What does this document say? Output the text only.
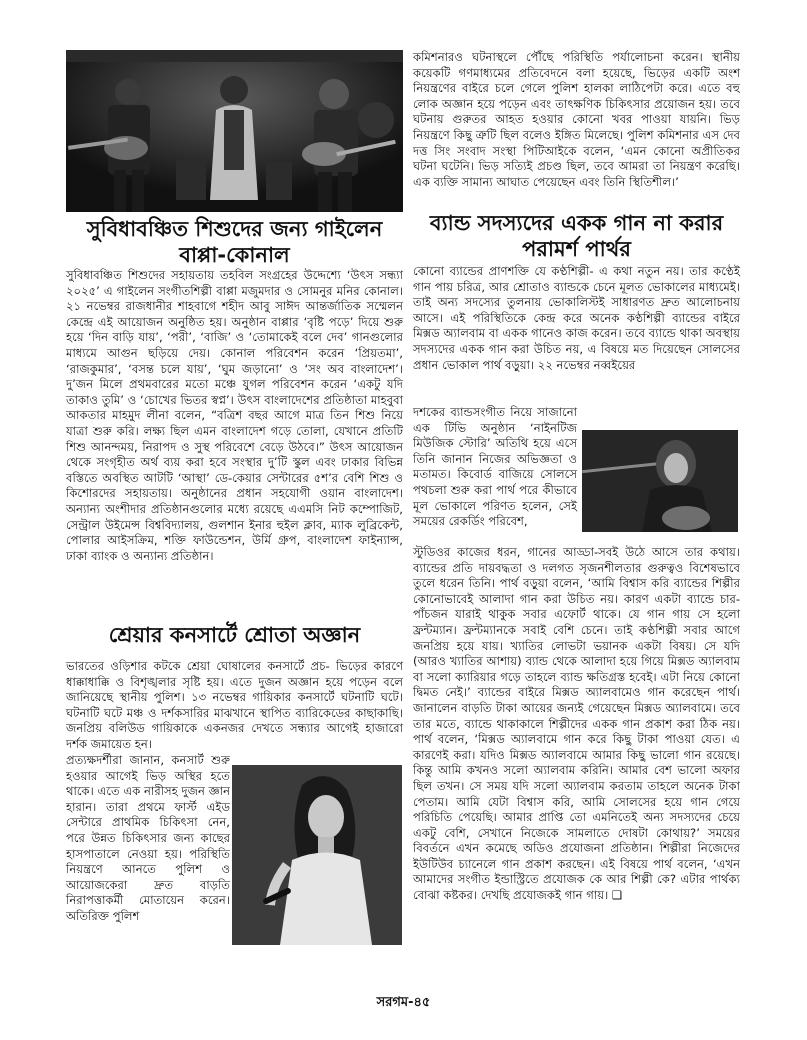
সুবিধাবঞ্চিত শিশুদের জন্য গাইলেন বাপ্পা-কোনাল

সুবিধাবঞ্চিত শিশুদের সহায়তায় তহবিল সংগ্রহের উদ্দেশ্যে ‘উৎস সন্ধ্যা ২০২৫’ এ গাইলেন সংগীতশিল্পী বাপ্পা মজুমদার ও সোমনুর মনির কোনাল। ২১ নভেম্বর রাজধানীর শাহবাগে শহীদ আবু সাঈদ আন্তর্জাতিক সম্মেলন কেন্দ্রে এই আয়োজন অনুষ্ঠিত হয়। অনুষ্ঠান বাপ্পার ‘বৃষ্টি পড়ে’ দিয়ে শুরু হয়ে ‘দিন বাড়ি যায়’, ‘পরী’, ‘বাজি’ ও ‘তোমাকেই বলে দেব’ গানগুলোর মাধ্যমে আগুন ছড়িয়ে দেয়। কোনাল পরিবেশন করেন ‘প্রিয়তমা’, ‘রাজকুমার’, ‘বসন্ত চলে যায়’, ‘ঘুম জড়ানো’ ও ‘সং অব বাংলাদেশ’। দু’জন মিলে প্রথমবারের মতো মঞ্চে যুগল পরিবেশন করেন ‘একটু যদি তাকাও তুমি’ ও ‘চোখের ভিতর স্বপ্ন’। উৎস বাংলাদেশের প্রতিষ্ঠাতা মাহবুবা আকতার মাহমুদ লীনা বলেন, “বত্রিশ বছর আগে মাত্র তিন শিশু নিয়ে যাত্রা শুরু করি। লক্ষ্য ছিল এমন বাংলাদেশ গড়ে তোলা, যেখানে প্রতিটি শিশু আনন্দময়, নিরাপদ ও সুস্থ পরিবেশে বেড়ে উঠবে।” উৎস আয়োজন থেকে সংগৃহীত অর্থ ব্যয় করা হবে সংস্থার দু’টি স্কুল এবং ঢাকার বিভিন্ন বস্তিতে অবস্থিত আটটি ‘আস্থা’ ডে-কেয়ার সেন্টারের ৫শ’র বেশি শিশু ও কিশোরদের সহায়তায়। অনুষ্ঠানের প্রধান সহযোগী ওয়ান বাংলাদেশ। অন্যান্য অংশীদার প্রতিষ্ঠানগুলোর মধ্যে রয়েছে এএমসি নিট কম্পোজিট, সেন্ট্রাল উইমেন্স বিশ্ববিদ্যালয়, গুলশান ইনার হুইল ক্লাব, ম্যাক লুব্রিকেন্ট, পোলার আইসক্রিম, শক্তি ফাউন্ডেশন, উর্মি গ্রুপ, বাংলাদেশ ফাইন্যান্স, ঢাকা ব্যাংক ও অন্যান্য প্রতিষ্ঠান।

শ্রেয়ার কনসার্টে শ্রোতা অজ্ঞান

ভারতের ওড়িশার কটকে শ্রেয়া ঘোষালের কনসার্টে প্রচ- ভিড়ের কারণে ধাক্কাধাক্কি ও বিশৃঙ্খলার সৃষ্টি হয়। এতে দুজন অজ্ঞান হয়ে পড়েন বলে জানিয়েছে স্থানীয় পুলিশ। ১৩ নভেম্বর গায়িকার কনসার্টে ঘটনাটি ঘটে। ঘটনাটি ঘটে মঞ্চ ও দর্শকসারির মাঝখানে স্থাপিত ব্যারিকেডের কাছাকাছি। জনপ্রিয় বলিউড গায়িকাকে একনজর দেখতে সন্ধ্যার আগেই হাজারো দর্শক জমায়েত হন।

প্রত্যক্ষদর্শীরা জানান, কনসার্ট শুরু হওয়ার আগেই ভিড় অস্থির হতে থাকে। এতে এক নারীসহ দুজন জ্ঞান হারান। তারা প্রথমে ফার্স্ট এইড সেন্টারে প্রাথমিক চিকিৎসা নেন, পরে উন্নত চিকিৎসার জন্য কাছের হাসপাতালে নেওয়া হয়। পরিস্থিতি নিয়ন্ত্রণে আনতে পুলিশ ও আয়োজকেরা দ্রুত বাড়তি নিরাপত্তাকর্মী মোতায়েন করেন। অতিরিক্ত পুলিশ

কমিশনারও ঘটনাস্থলে পৌঁছে পরিস্থিতি পর্যালোচনা করেন। স্থানীয় কয়েকটি গণমাধ্যমের প্রতিবেদনে বলা হয়েছে, ভিড়ের একটি অংশ নিয়ন্ত্রণের বাইরে চলে গেলে পুলিশ হালকা লাঠিপেটা করে। এতে বহু লোক অজ্ঞান হয়ে পড়েন এবং তাৎক্ষণিক চিকিৎসার প্রয়োজন হয়। তবে ঘটনায় গুরুতর আহত হওয়ার কোনো খবর পাওয়া যায়নি। ভিড় নিয়ন্ত্রণে কিছু ত্রুটি ছিল বলেও ইঙ্গিত মিলেছে। পুলিশ কমিশনার এস দেব দত্ত সিং সংবাদ সংস্থা পিটিআইকে বলেন, ‘এমন কোনো অপ্রীতিকর ঘটনা ঘটেনি। ভিড় সত্যিই প্রচণ্ড ছিল, তবে আমরা তা নিয়ন্ত্রণ করেছি। এক ব্যক্তি সামান্য আঘাত পেয়েছেন এবং তিনি স্থিতিশীল।’

ব্যান্ড সদস্যদের একক গান না করার পরামর্শ পার্থর

কোনো ব্যান্ডের প্রাণশক্তি যে কণ্ঠশিল্পী- এ কথা নতুন নয়। তার কণ্ঠেই গান পায় চরিত্র, আর শ্রোতাও ব্যান্ডকে চেনে মূলত ভোকালের মাধ্যমেই। তাই অন্য সদস্যের তুলনায় ভোকালিস্টই সাধারণত দ্রুত আলোচনায় আসে। এই পরিস্থিতিকে কেন্দ্র করে অনেক কণ্ঠশিল্পী ব্যান্ডের বাইরে মিক্সড অ্যালবাম বা একক গানেও কাজ করেন। তবে ব্যান্ডে থাকা অবস্থায় সদস্যদের একক গান করা উচিত নয়, এ বিষয়ে মত দিয়েছেন সোলসের প্রধান ভোকাল পার্থ বড়ুয়া। ২২ নভেম্বর নব্বইয়ের

দশকের ব্যান্ডসংগীত নিয়ে সাজানো এক টিভি অনুষ্ঠান ‘নাইনটিজ মিউজিক স্টোরি’ অতিথি হয়ে এসে তিনি জানান নিজের অভিজ্ঞতা ও মতামত। কিবোর্ড বাজিয়ে সোলসে পথচলা শুরু করা পার্থ পরে কীভাবে মূল ভোকালে পরিণত হলেন, সেই সময়ের রেকর্ডিং পরিবেশ,

স্টুডিওর কাজের ধরন, গানের আড্ডা-সবই উঠে আসে তার কথায়। ব্যান্ডের প্রতি দায়বদ্ধতা ও দলগত সৃজনশীলতার গুরুত্বও বিশেষভাবে তুলে ধরেন তিনি। পার্থ বড়ুয়া বলেন, ‘আমি বিশ্বাস করি ব্যান্ডের শিল্পীর কোনোভাবেই আলাদা গান করা উচিত নয়। কারণ একটা ব্যান্ডে চার-পাঁচজন যারাই থাকুক সবার এফোর্ট থাকে। যে গান গায় সে হলো ফ্রন্টম্যান। ফ্রন্টম্যানকে সবাই বেশি চেনে। তাই কণ্ঠশিল্পী সবার আগে জনপ্রিয় হয়ে যায়। খ্যাতির লোভটা ভয়ানক একটা বিষয়। সে যদি (আরও খ্যাতির আশায়) ব্যান্ড থেকে আলাদা হয়ে গিয়ে মিক্সড অ্যালবাম বা সলো ক্যারিয়ার গড়ে তাহলে ব্যান্ড ক্ষতিগ্রস্ত হবেই। এটা নিয়ে কোনো দ্বিমত নেই।’ ব্যান্ডের বাইরে মিক্সড অ্যালবামেও গান করেছেন পার্থ। জানালেন বাড়তি টাকা আয়ের জন্যই গেয়েছেন মিক্সড অ্যালবামে। তবে তার মতে, ব্যান্ডে থাকাকালে শিল্পীদের একক গান প্রকাশ করা ঠিক নয়। পার্থ বলেন, ‘মিক্সড অ্যালবামে গান করে কিছু টাকা পাওয়া যেত। এ কারণেই করা। যদিও মিক্সড অ্যালবামে আমার কিছু ভালো গান রয়েছে। কিন্তু আমি কখনও সলো অ্যালবাম করিনি। আমার বেশ ভালো অফার ছিল তখন। সে সময় যদি সলো অ্যালবাম করতাম তাহলে অনেক টাকা পেতাম। আমি যেটা বিশ্বাস করি, আমি সোলসের হয়ে গান গেয়ে পরিচিতি পেয়েছি। আমার প্রাপ্তি তো এমনিতেই অন্য সদস্যদের চেয়ে একটু বেশি, সেখানে নিজেকে সামলাতে দোষটা কোথায়?’ সময়ের বিবর্তনে এখন কমেছে অডিও প্রযোজনা প্রতিষ্ঠান। শিল্পীরা নিজেদের ইউটিউব চ্যানেলে গান প্রকাশ করছেন। এই বিষয়ে পার্থ বলেন, ‘এখন আমাদের সংগীত ইন্ডাস্ট্রিতে প্রযোজক কে আর শিল্পী কে? এটার পার্থক্য বোঝা কষ্টকর। দেখছি প্রযোজকই গান গায়। ❑

সরগম-৪৫
